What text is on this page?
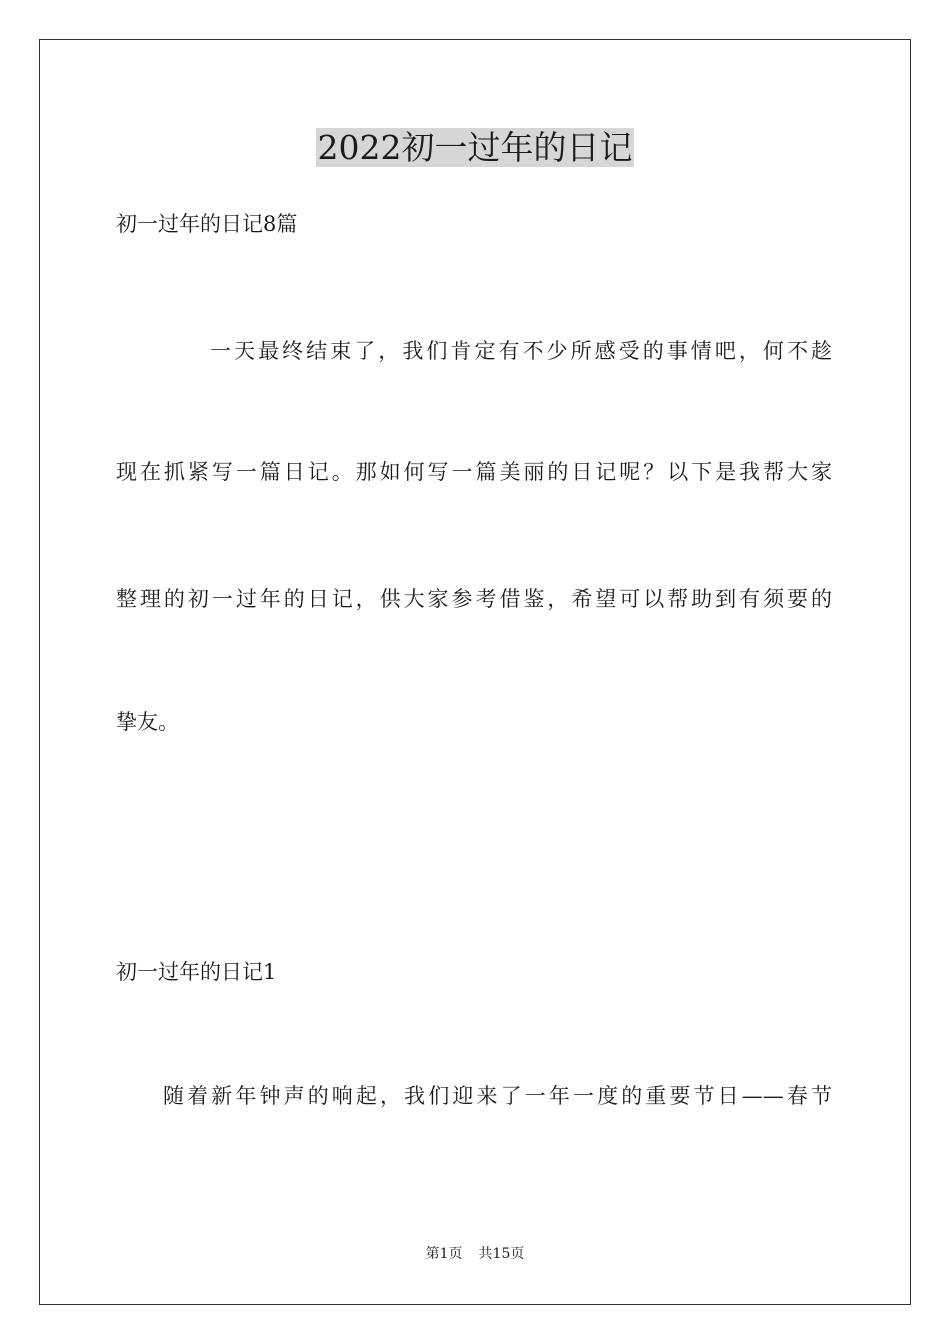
2022初一过年的日记
初一过年的日记8篇
一天最终结束了，我们肯定有不少所感受的事情吧，何不趁
现在抓紧写一篇日记。那如何写一篇美丽的日记呢？以下是我帮大家
整理的初一过年的日记，供大家参考借鉴，希望可以帮助到有须要的
挚友。
初一过年的日记1
随着新年钟声的响起，我们迎来了一年一度的重要节日——春节
第1页 共15页
